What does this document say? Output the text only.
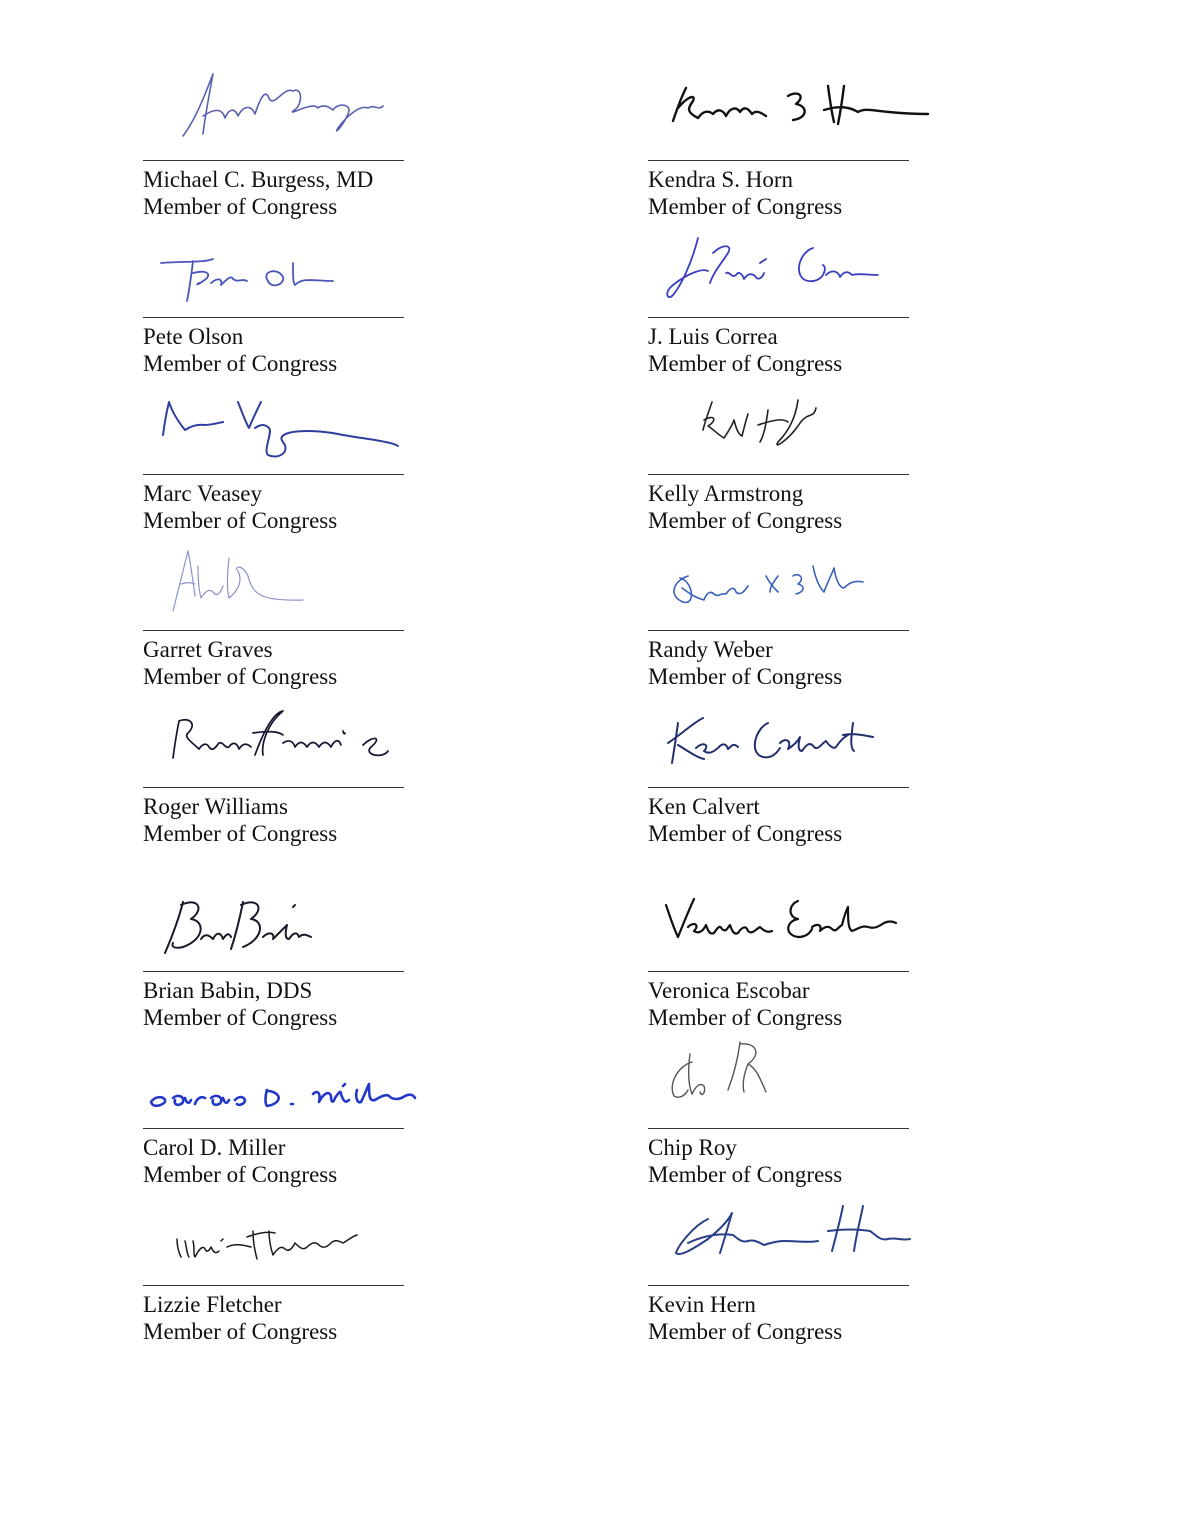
Michael C. Burgess, MD
Member of Congress
Kendra S. Horn
Member of Congress
Pete Olson
Member of Congress
J. Luis Correa
Member of Congress
Marc Veasey
Member of Congress
Kelly Armstrong
Member of Congress
Garret Graves
Member of Congress
Randy Weber
Member of Congress
Roger Williams
Member of Congress
Ken Calvert
Member of Congress
Brian Babin, DDS
Member of Congress
Veronica Escobar
Member of Congress
Carol D. Miller
Member of Congress
Chip Roy
Member of Congress
Lizzie Fletcher
Member of Congress
Kevin Hern
Member of Congress
